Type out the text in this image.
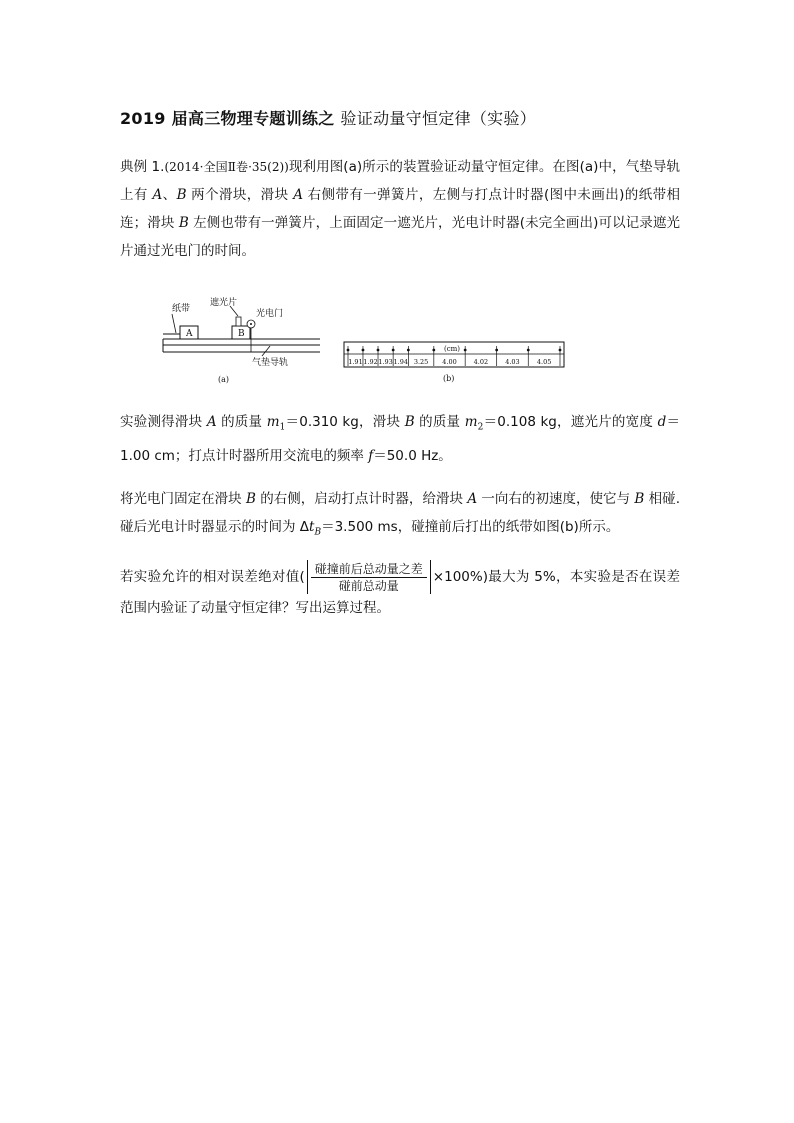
2019 届高三物理专题训练之 验证动量守恒定律（实验）
典例 1.(2014·全国Ⅱ卷·35(2))现利用图(a)所示的装置验证动量守恒定律。在图(a)中，气垫导轨上有 A、B 两个滑块，滑块 A 右侧带有一弹簧片，左侧与打点计时器(图中未画出)的纸带相连；滑块 B 左侧也带有一弹簧片，上面固定一遮光片，光电计时器(未完全画出)可以记录遮光片通过光电门的时间。
纸带
A	B
遮光片
光电门
气垫导轨
(a)
(cm)
(b)
1.91 1.92 1.93 1.94 3.25 4.00	4.02	4.03	4.05
实验测得滑块 A 的质量 $m_1=0.310$ kg，滑块 B 的质量 $m_2=0.108$ kg，遮光片的宽度 d＝1.00 cm；打点计时器所用交流电的频率 f＝50.0 Hz。
将光电门固定在滑块 B 的右侧，启动打点计时器，给滑块 A 一向右的初速度，使它与 B 相碰.碰后光电计时器显示的时间为 $\Delta t_B=3.500$ ms，碰撞前后打出的纸带如图(b)所示。
若实验允许的相对误差绝对值( $\frac{\text{碰撞前后总动量之差}}{\text{碰前总动量}} \times 100\%$)最大为 5%，本实验是否在误差范围内验证了动量守恒定律？写出运算过程。
